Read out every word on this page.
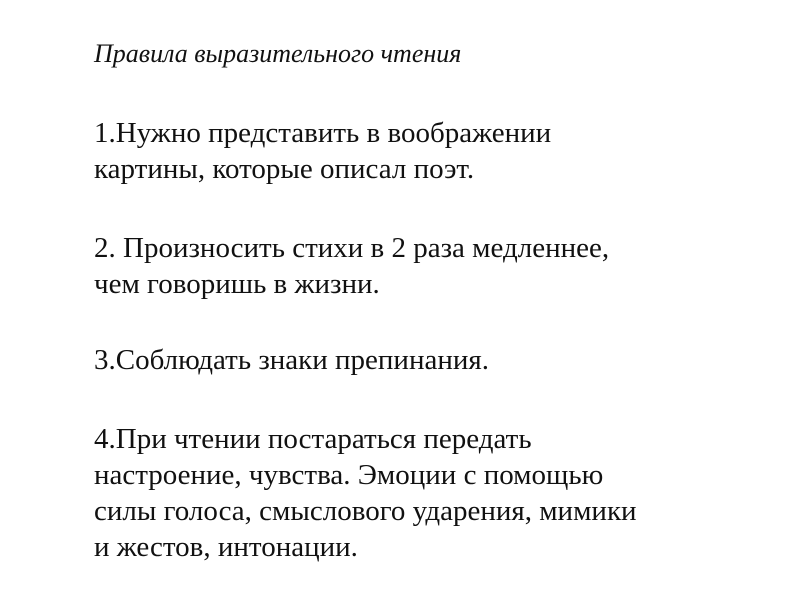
Правила выразительного чтения

1.Нужно представить в воображении
картины, которые описал поэт.

2. Произносить стихи в 2 раза медленнее,
чем говоришь в жизни.

3.Соблюдать знаки препинания.

4.При чтении постараться передать
настроение, чувства. Эмоции с помощью
силы голоса, смыслового ударения, мимики
и жестов, интонации.
